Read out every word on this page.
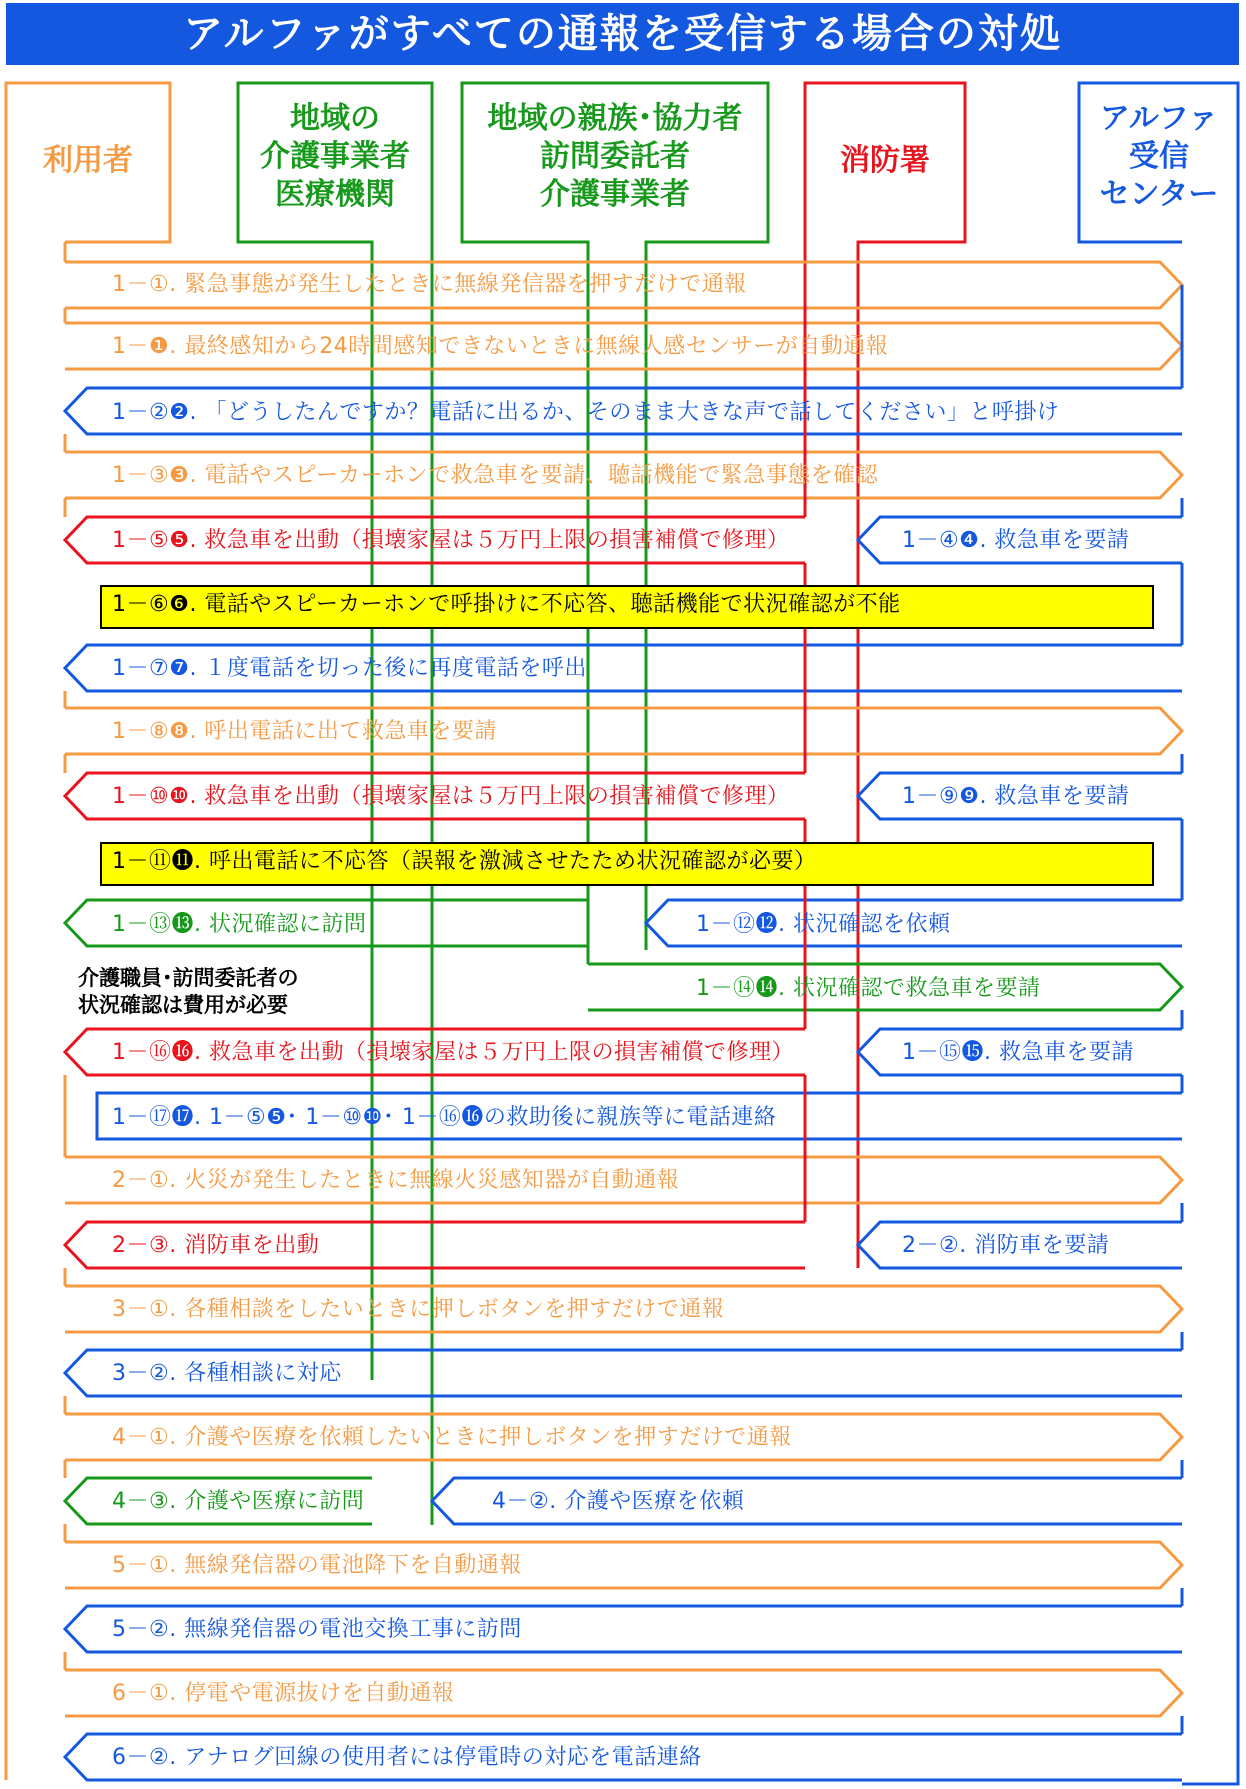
アルファがすべての通報を受信する場合の対処
利用者
地域の
介護事業者
医療機関
地域の親族･協力者
訪問委託者
介護事業者
消防署
アルファ
受信
センター
介護職員･訪問委託者の
状況確認は費用が必要
1－①. 緊急事態が発生したときに無線発信器を押すだけで通報
1－❶. 最終感知から24時間感知できないときに無線人感センサーが自動通報
1－②❷. 「どうしたんですか？電話に出るか、そのまま大きな声で話してください」と呼掛け
1－③❸. 電話やスピーカーホンで救急車を要請、聴話機能で緊急事態を確認
1－⑤❺. 救急車を出動（損壊家屋は５万円上限の損害補償で修理）	1－④❹. 救急車を要請
1－⑥❻. 電話やスピーカーホンで呼掛けに不応答、聴話機能で状況確認が不能
1－⑦❼. １度電話を切った後に再度電話を呼出
1－⑧❽. 呼出電話に出て救急車を要請
1－⑩❿. 救急車を出動（損壊家屋は５万円上限の損害補償で修理）	1－⑨❾. 救急車を要請
1－⑪⓫. 呼出電話に不応答（誤報を激減させたため状況確認が必要）
1－⑬⓭. 状況確認に訪問	1－⑫⓬. 状況確認を依頼
1－⑭⓮. 状況確認で救急車を要請
1－⑯⓰. 救急車を出動（損壊家屋は５万円上限の損害補償で修理）	1－⑮⓯. 救急車を要請
1－⑰⓱. 1－⑤❺･ 1－⑩❿･ 1－⑯⓰の救助後に親族等に電話連絡
2－①. 火災が発生したときに無線火災感知器が自動通報
2－③. 消防車を出動	2－②. 消防車を要請
3－①. 各種相談をしたいときに押しボタンを押すだけで通報
3－②. 各種相談に対応
4－①. 介護や医療を依頼したいときに押しボタンを押すだけで通報
4－③. 介護や医療に訪問	4－②. 介護や医療を依頼
5－①. 無線発信器の電池降下を自動通報
5－②. 無線発信器の電池交換工事に訪問
6－①. 停電や電源抜けを自動通報
6－②. アナログ回線の使用者には停電時の対応を電話連絡
